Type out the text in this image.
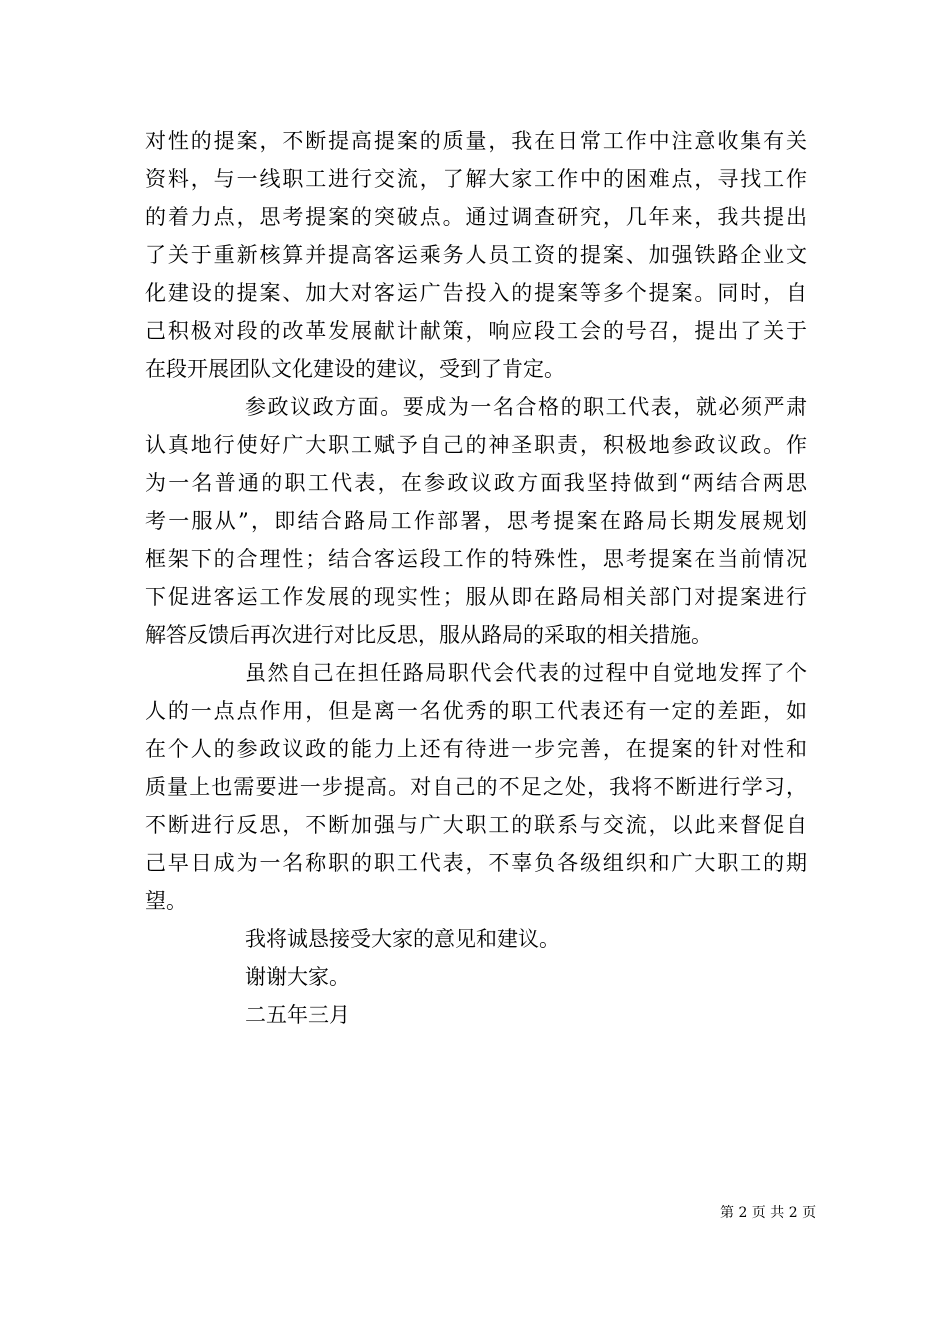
对性的提案，不断提高提案的质量，我在日常工作中注意收集有关
资料，与一线职工进行交流，了解大家工作中的困难点，寻找工作
的着力点，思考提案的突破点。通过调查研究，几年来，我共提出
了关于重新核算并提高客运乘务人员工资的提案、加强铁路企业文
化建设的提案、加大对客运广告投入的提案等多个提案。同时，自
己积极对段的改革发展献计献策，响应段工会的号召，提出了关于
在段开展团队文化建设的建议，受到了肯定。

参政议政方面。要成为一名合格的职工代表，就必须严肃
认真地行使好广大职工赋予自己的神圣职责，积极地参政议政。作
为一名普通的职工代表，在参政议政方面我坚持做到“两结合两思
考一服从”，即结合路局工作部署，思考提案在路局长期发展规划
框架下的合理性；结合客运段工作的特殊性，思考提案在当前情况
下促进客运工作发展的现实性；服从即在路局相关部门对提案进行
解答反馈后再次进行对比反思，服从路局的采取的相关措施。

虽然自己在担任路局职代会代表的过程中自觉地发挥了个
人的一点点作用，但是离一名优秀的职工代表还有一定的差距，如
在个人的参政议政的能力上还有待进一步完善，在提案的针对性和
质量上也需要进一步提高。对自己的不足之处，我将不断进行学习，
不断进行反思，不断加强与广大职工的联系与交流，以此来督促自
己早日成为一名称职的职工代表，不辜负各级组织和广大职工的期
望。

我将诚恳接受大家的意见和建议。

谢谢大家。

二五年三月

第 2 页 共 2 页
